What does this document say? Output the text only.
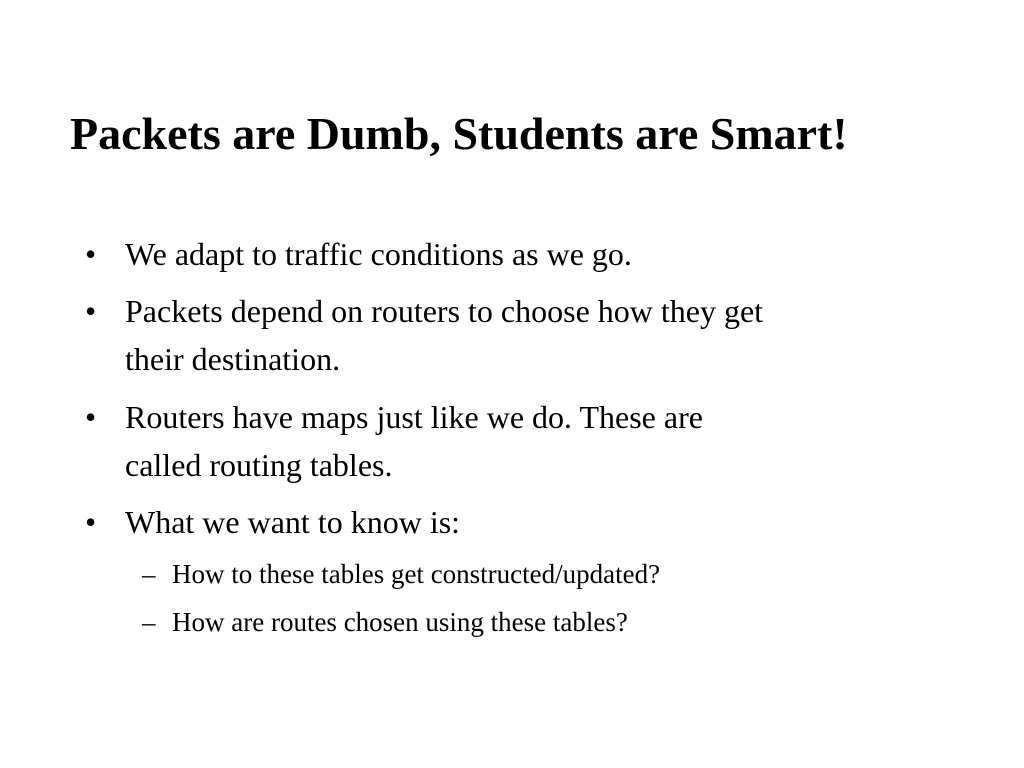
Packets are Dumb, Students are Smart!
• We adapt to traffic conditions as we go.
• Packets depend on routers to choose how they get
their destination.
• Routers have maps just like we do. These are
called routing tables.
• What we want to know is:
– How to these tables get constructed/updated?
– How are routes chosen using these tables?
